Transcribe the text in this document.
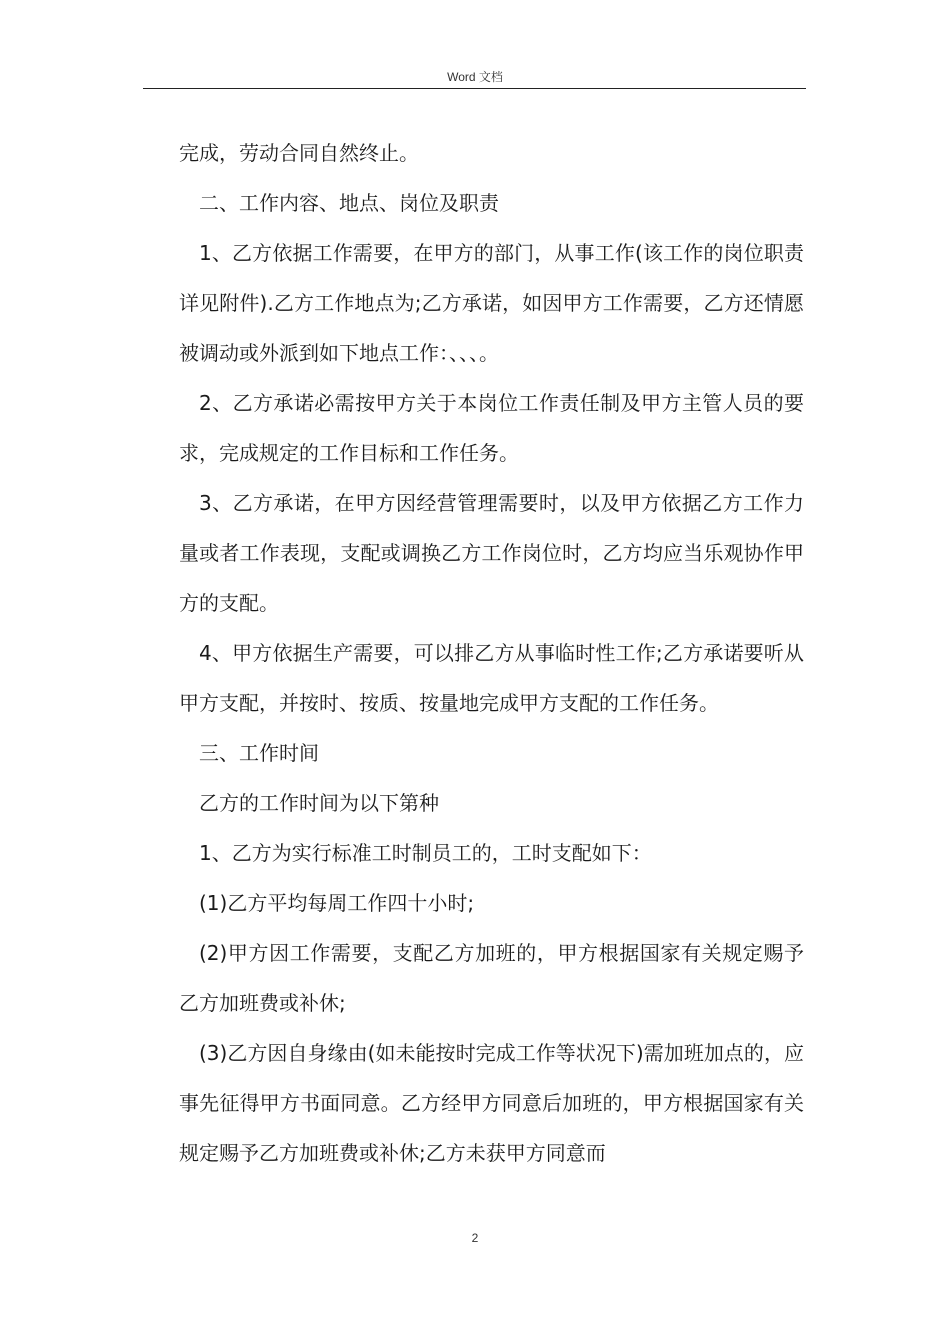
Word 文档

完成，劳动合同自然终止。

二、工作内容、地点、岗位及职责

1、乙方依据工作需要，在甲方的部门，从事工作(该工作的岗位职责详见附件).乙方工作地点为;乙方承诺，如因甲方工作需要，乙方还情愿被调动或外派到如下地点工作：、、、。

2、乙方承诺必需按甲方关于本岗位工作责任制及甲方主管人员的要求，完成规定的工作目标和工作任务。

3、乙方承诺，在甲方因经营管理需要时，以及甲方依据乙方工作力量或者工作表现，支配或调换乙方工作岗位时，乙方均应当乐观协作甲方的支配。

4、甲方依据生产需要，可以排乙方从事临时性工作;乙方承诺要听从甲方支配，并按时、按质、按量地完成甲方支配的工作任务。

三、工作时间

乙方的工作时间为以下第种

1、乙方为实行标准工时制员工的，工时支配如下：

(1)乙方平均每周工作四十小时;

(2)甲方因工作需要，支配乙方加班的，甲方根据国家有关规定赐予乙方加班费或补休;

(3)乙方因自身缘由(如未能按时完成工作等状况下)需加班加点的，应事先征得甲方书面同意。乙方经甲方同意后加班的，甲方根据国家有关规定赐予乙方加班费或补休;乙方未获甲方同意而

2
